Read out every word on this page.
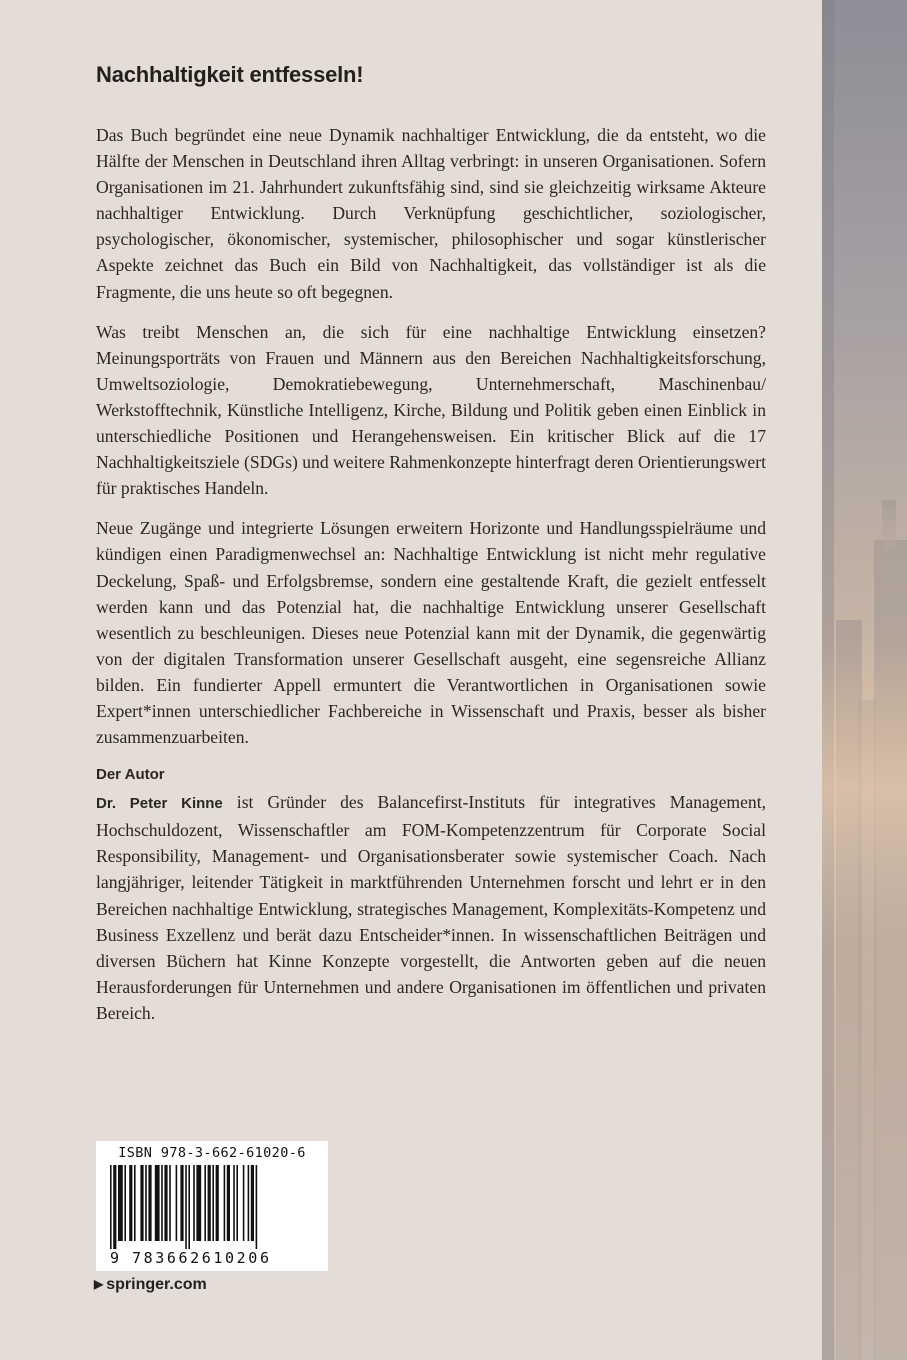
Nachhaltigkeit entfesseln!

Das Buch begründet eine neue Dynamik nachhaltiger Entwicklung, die da entsteht, wo die Hälfte der Menschen in Deutschland ihren Alltag verbringt: in unseren Organisationen. Sofern Organisationen im 21. Jahrhundert zukunftsfähig sind, sind sie gleichzeitig wirksame Akteure nachhaltiger Entwicklung. Durch Verknüpfung geschichtlicher, soziologischer, psychologischer, ökonomischer, systemischer, philosophischer und sogar künstlerischer Aspekte zeichnet das Buch ein Bild von Nachhaltigkeit, das vollständiger ist als die Fragmente, die uns heute so oft begegnen.

Was treibt Menschen an, die sich für eine nachhaltige Entwicklung einsetzen? Meinungsporträts von Frauen und Männern aus den Bereichen Nachhaltigkeitsforschung, Umweltsoziologie, Demokratiebewegung, Unternehmerschaft, Maschinenbau/ Werkstofftechnik, Künstliche Intelligenz, Kirche, Bildung und Politik geben einen Einblick in unterschiedliche Positionen und Herangehensweisen. Ein kritischer Blick auf die 17 Nachhaltigkeitsziele (SDGs) und weitere Rahmenkonzepte hinterfragt deren Orientierungswert für praktisches Handeln.

Neue Zugänge und integrierte Lösungen erweitern Horizonte und Handlungsspielräume und kündigen einen Paradigmenwechsel an: Nachhaltige Entwicklung ist nicht mehr regulative Deckelung, Spaß- und Erfolgsbremse, sondern eine gestaltende Kraft, die gezielt entfesselt werden kann und das Potenzial hat, die nachhaltige Entwicklung unserer Gesellschaft wesentlich zu beschleunigen. Dieses neue Potenzial kann mit der Dynamik, die gegenwärtig von der digitalen Transformation unserer Gesellschaft ausgeht, eine segensreiche Allianz bilden. Ein fundierter Appell ermuntert die Verantwortlichen in Organisationen sowie Expert*innen unterschiedlicher Fachbereiche in Wissenschaft und Praxis, besser als bisher zusammenzuarbeiten.

Der Autor

Dr. Peter Kinne ist Gründer des Balancefirst-Instituts für integratives Management, Hochschuldozent, Wissenschaftler am FOM-Kompetenzzentrum für Corporate Social Responsibility, Management- und Organisationsberater sowie systemischer Coach. Nach langjähriger, leitender Tätigkeit in marktführenden Unternehmen forscht und lehrt er in den Bereichen nachhaltige Entwicklung, strategisches Management, Komplexitäts-Kompetenz und Business Exzellenz und berät dazu Entscheider*innen. In wissenschaftlichen Beiträgen und diversen Büchern hat Kinne Konzepte vorgestellt, die Antworten geben auf die neuen Herausforderungen für Unternehmen und andere Organisationen im öffentlichen und privaten Bereich.

ISBN 978-3-662-61020-6
9 783662610206
▶ springer.com
